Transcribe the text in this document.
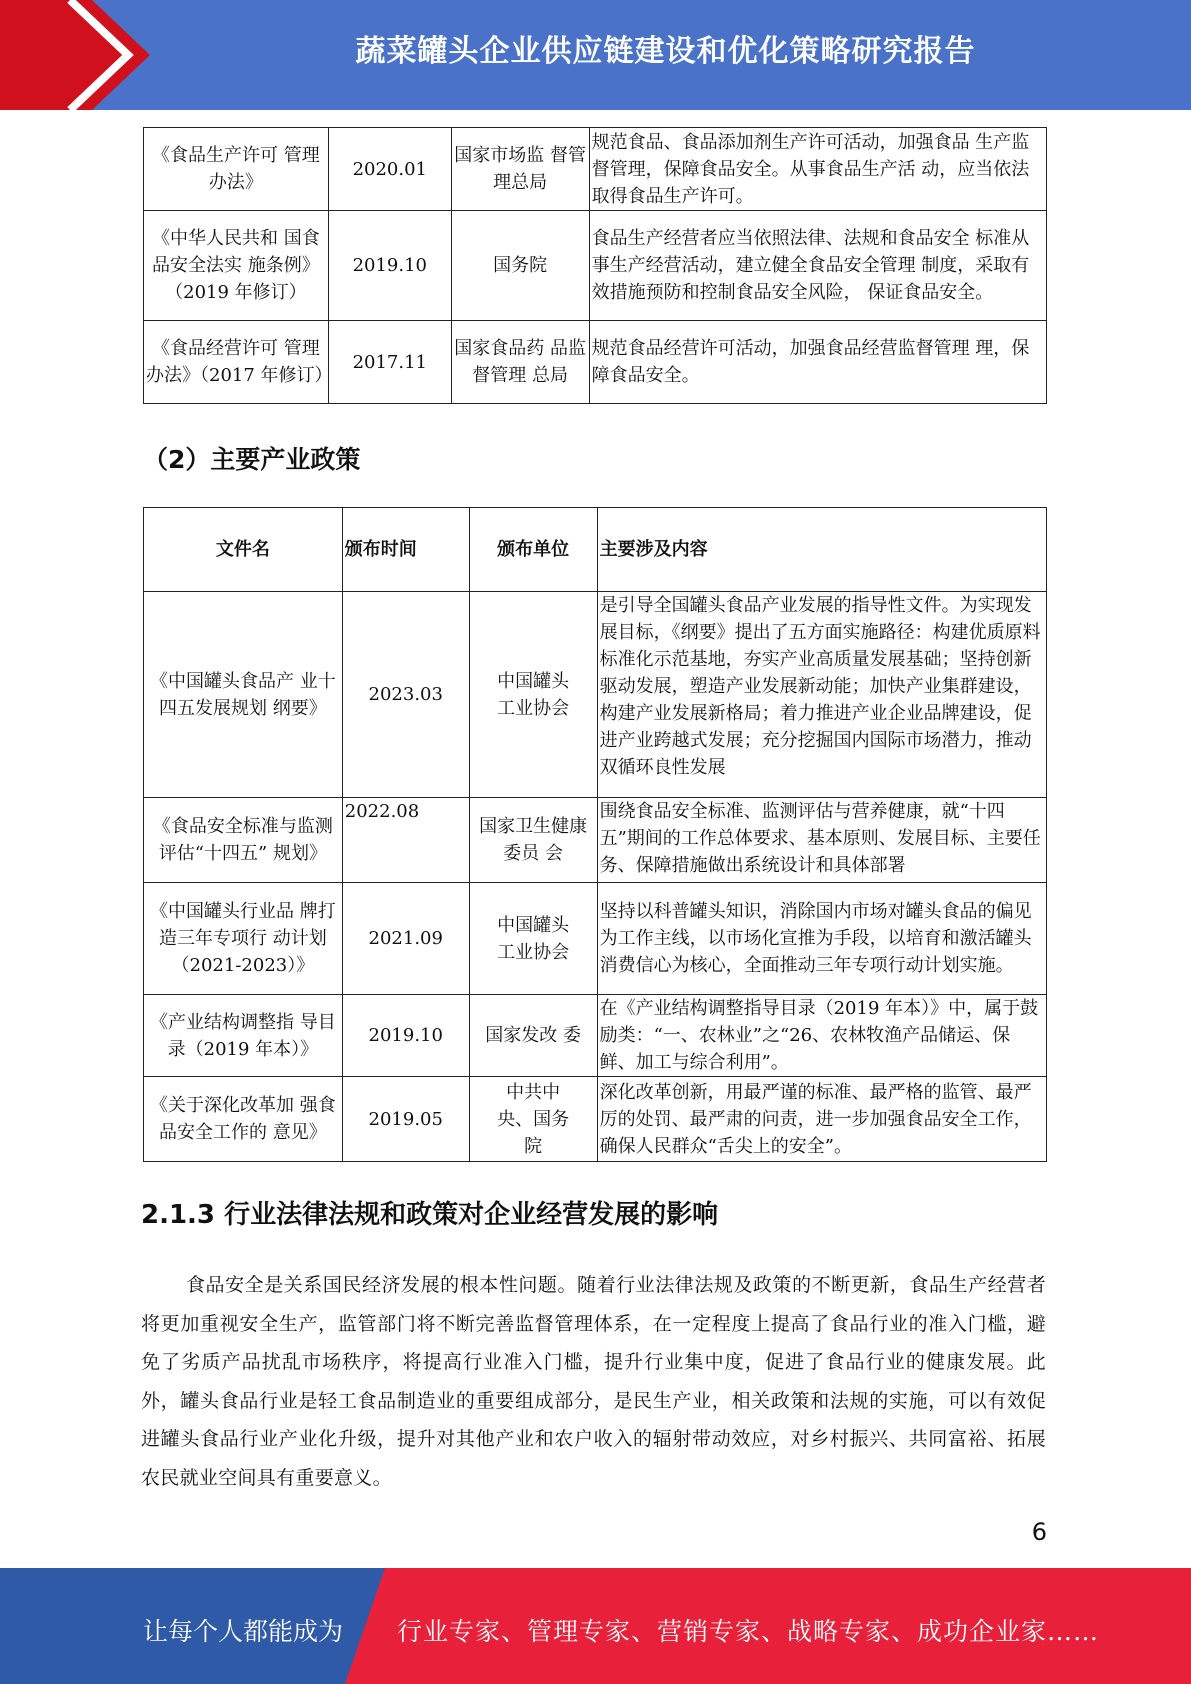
蔬菜罐头企业供应链建设和优化策略研究报告
《食品生产许可 管理办法》	2020.01	国家市场监 督管理总局	规范食品、食品添加剂生产许可活动，加强食品 生产监督管理，保障食品安全。从事食品生产活 动，应当依法取得食品生产许可。
《中华人民共和 国食品安全法实 施条例》（2019 年修订）	2019.10	国务院	食品生产经营者应当依照法律、法规和食品安全 标准从事生产经营活动，建立健全食品安全管理 制度，采取有效措施预防和控制食品安全风险， 保证食品安全。
《食品经营许可 管理办法》（2017 年修订）	2017.11	国家食品药 品监督管理 总局	规范食品经营许可活动，加强食品经营监督管理 理，保障食品安全。
（2）主要产业政策
文件名	颁布时间	颁布单位	主要涉及内容
《中国罐头食品产 业十四五发展规划 纲要》	2023.03	中国罐头工业协会	是引导全国罐头食品产业发展的指导性文件。为实现发展目标，《纲要》提出了五方面实施路径：构建优质原料标准化示范基地，夯实产业高质量发展基础；坚持创新驱动发展，塑造产业发展新动能；加快产业集群建设，构建产业发展新格局；着力推进产业企业品牌建设，促进产业跨越式发展；充分挖掘国内国际市场潜力，推动双循环良性发展

《食品安全标准与监测评估“十四五” 规划》	2022.08	国家卫生健康委员 会	围绕食品安全标准、监测评估与营养健康，就“十四五”期间的工作总体要求、基本原则、发展目标、主要任务、保障措施做出系统设计和具体部署

《中国罐头行业品 牌打造三年专项行 动计划（2021-2023）》	2021.09	中国罐头工业协会	坚持以科普罐头知识，消除国内市场对罐头食品的偏见为工作主线，以市场化宣推为手段，以培育和激活罐头消费信心为核心，全面推动三年专项行动计划实施。
《产业结构调整指 导目录（2019 年本）》	2019.10	国家发改 委	在《产业结构调整指导目录（2019 年本）》中，属于鼓励类：“一、农林业”之“26、农林牧渔产品储运、保鲜、加工与综合利用”。
《关于深化改革加 强食品安全工作的 意见》	2019.05	中共中央、国务院	深化改革创新，用最严谨的标准、最严格的监管、最严厉的处罚、最严肃的问责，进一步加强食品安全工作，确保人民群众“舌尖上的安全”。
2.1.3 行业法律法规和政策对企业经营发展的影响
食品安全是关系国民经济发展的根本性问题。随着行业法律法规及政策的不断更新，食品生产经营者将更加重视安全生产，监管部门将不断完善监督管理体系，在一定程度上提高了食品行业的准入门槛，避免了劣质产品扰乱市场秩序，将提高行业准入门槛，提升行业集中度，促进了食品行业的健康发展。此外，罐头食品行业是轻工食品制造业的重要组成部分，是民生产业，相关政策和法规的实施，可以有效促进罐头食品行业产业化升级，提升对其他产业和农户收入的辐射带动效应，对乡村振兴、共同富裕、拓展农民就业空间具有重要意义。
6
让每个人都能成为 行业专家、管理专家、营销专家、战略专家、成功企业家……
